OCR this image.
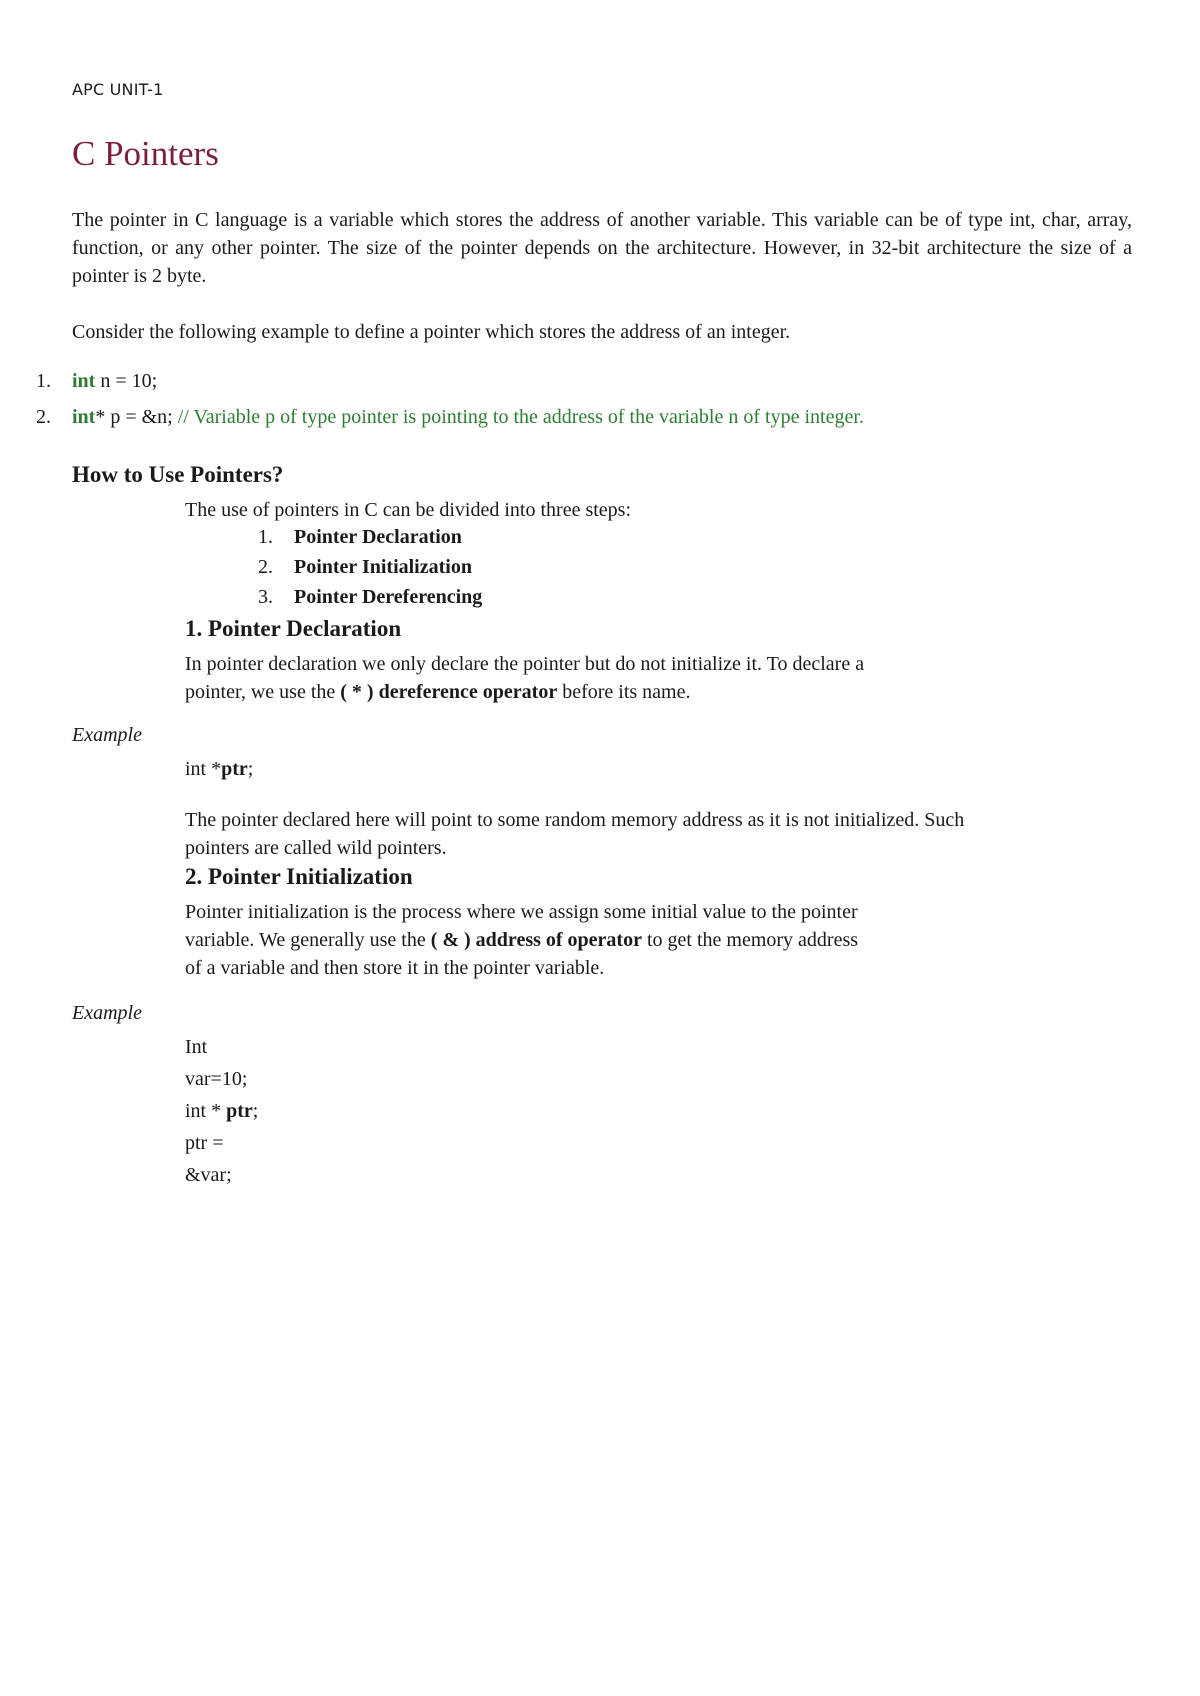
APC UNIT-1
C Pointers

The pointer in C language is a variable which stores the address of another variable. This variable can be of type int, char, array, function, or any other pointer. The size of the pointer depends on the architecture. However, in 32-bit architecture the size of a pointer is 2 byte.

Consider the following example to define a pointer which stores the address of an integer.

1. int n = 10;
2. int* p = &n; // Variable p of type pointer is pointing to the address of the variable n of type integer.
How to Use Pointers?

The use of pointers in C can be divided into three steps:

1. Pointer Declaration
2. Pointer Initialization
3. Pointer Dereferencing
1. Pointer Declaration

In pointer declaration we only declare the pointer but do not initialize it. To declare a

pointer, we use the ( * ) dereference operator before its name.

Example
int *ptr;

The pointer declared here will point to some random memory address as it is not initialized. Such

pointers are called wild pointers.

2. Pointer Initialization

Pointer initialization is the process where we assign some initial value to the pointer

variable. We generally use the ( & ) address of operator to get the memory address

of a variable and then store it in the pointer variable.

Example
Int
var=10;
int * ptr;
ptr =
&var;
